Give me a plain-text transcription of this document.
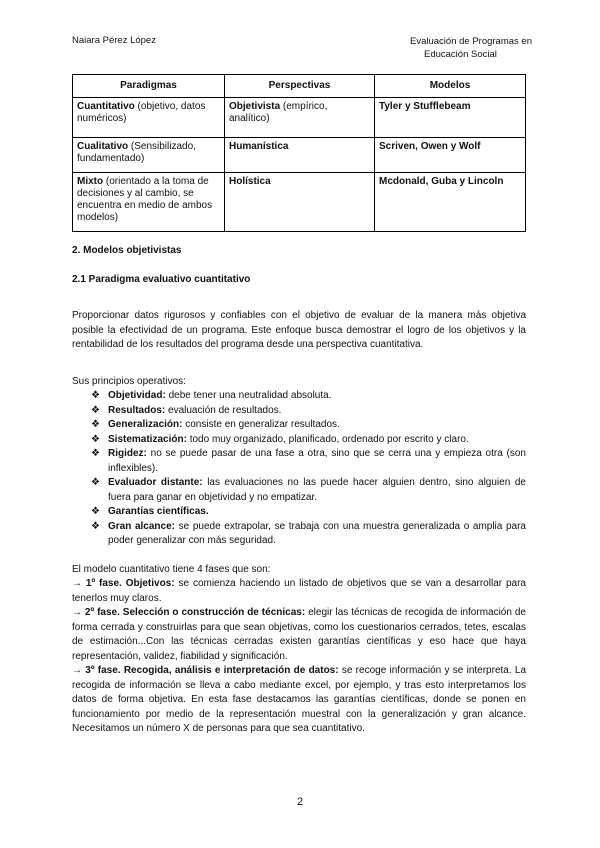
Naiara Pérez López	Evaluación de Programas en
Educación Social
Paradigmas	Perspectivas	Modelos
Cuantitativo (objetivo, datos numéricos)	Objetivista (empírico, analítico)	Tyler y Stufflebeam
Cualitativo (Sensibilizado, fundamentado)	Humanística	Scriven, Owen y Wolf
Mixto (orientado a la toma de decisiones y al cambio, se encuentra en medio de ambos modelos)	Holística	Mcdonald, Guba y Lincoln

2. Modelos objetivistas

2.1 Paradigma evaluativo cuantitativo

Proporcionar datos rigurosos y confiables con el objetivo de evaluar de la manera más objetiva posible la efectividad de un programa. Este enfoque busca demostrar el logro de los objetivos y la rentabilidad de los resultados del programa desde una perspectiva cuantitativa.

Sus principios operativos:

❖ Objetividad: debe tener una neutralidad absoluta.
❖ Resultados: evaluación de resultados.
❖ Generalización: consiste en generalizar resultados.
❖ Sistematización: todo muy organizado, planificado, ordenado por escrito y claro.
❖ Rigidez: no se puede pasar de una fase a otra, sino que se cerra una y empieza otra (son inflexibles).
❖ Evaluador distante: las evaluaciones no las puede hacer alguien dentro, sino alguien de fuera para ganar en objetividad y no empatizar.
❖ Garantías científicas.
❖ Gran alcance: se puede extrapolar, se trabaja con una muestra generalizada o amplia para poder generalizar con más seguridad.

El modelo cuantitativo tiene 4 fases que son:

→ 1º fase. Objetivos: se comienza haciendo un listado de objetivos que se van a desarrollar para tenerlos muy claros.

→ 2º fase. Selección o construcción de técnicas: elegir las técnicas de recogida de información de forma cerrada y construirlas para que sean objetivas, como los cuestionarios cerrados, tetes, escalas de estimación...Con las técnicas cerradas existen garantías científicas y eso hace que haya representación, validez, fiabilidad y significación.

→ 3º fase. Recogida, análisis e interpretación de datos: se recoge información y se interpreta. La recogida de información se lleva a cabo mediante excel, por ejemplo, y tras esto interpretamos los datos de forma objetiva. En esta fase destacamos las garantías científicas, donde se ponen en funcionamiento por medio de la representación muestral con la generalización y gran alcance. Necesitamos un número X de personas para que sea cuantitativo.

2
